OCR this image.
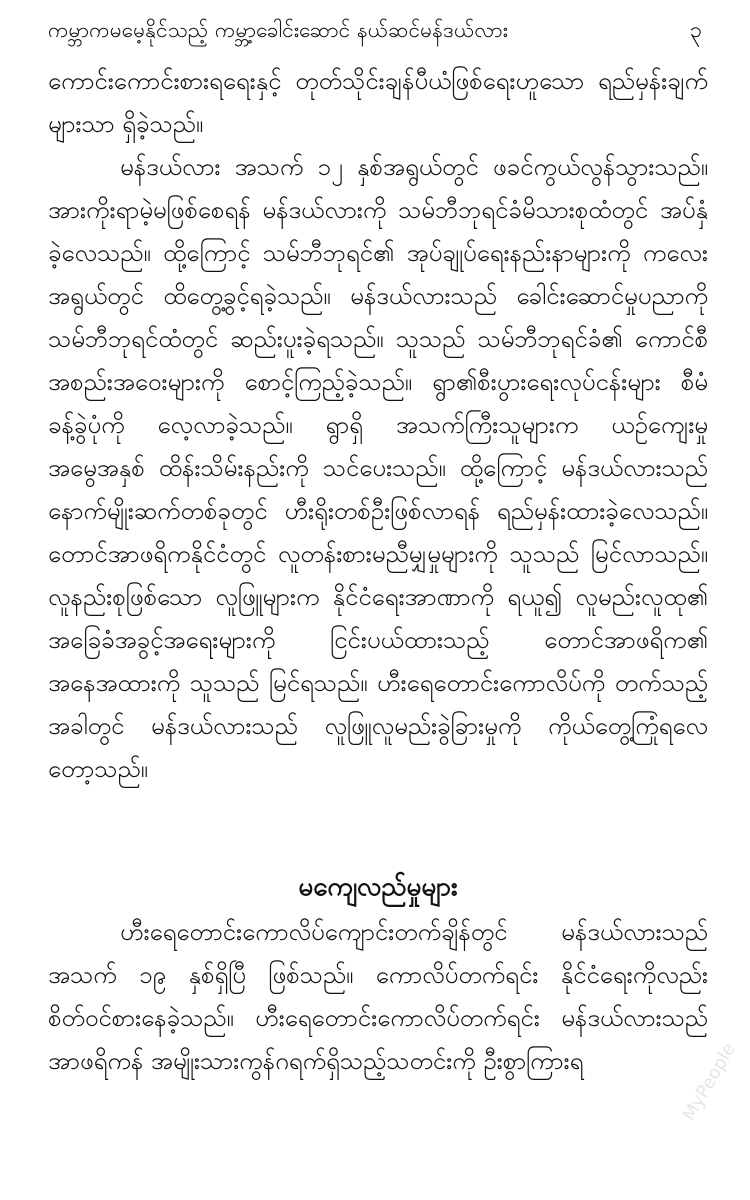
ကမ္ဘာကမမေ့နိုင်သည့် ကမ္ဘာ့ခေါင်းဆောင် နယ်ဆင်မန်ဒယ်လား	၃

ကောင်းကောင်းစားရရေးနှင့် တုတ်သိုင်းချန်ပီယံဖြစ်ရေးဟူသော ရည်မှန်းချက်များသာ ရှိခဲ့သည်။

မန်ဒယ်လား အသက် ၁၂ နှစ်အရွယ်တွင် ဖခင်ကွယ်လွန်သွားသည်။ အားကိုးရာမဲ့မဖြစ်စေရန် မန်ဒယ်လားကို သမ်ဘီဘုရင်ခံမိသားစုထံတွင် အပ်နှံခဲ့လေသည်။ ထို့ကြောင့် သမ်ဘီဘုရင်၏ အုပ်ချုပ်ရေးနည်းနာများကို ကလေးအရွယ်တွင် ထိတွေ့ခွင့်ရခဲ့သည်။ မန်ဒယ်လားသည် ခေါင်းဆောင်မှုပညာကို သမ်ဘီဘုရင်ထံတွင် ဆည်းပူးခဲ့ရသည်။ သူသည် သမ်ဘီဘုရင်ခံ၏ ကောင်စီ အစည်းအဝေးများကို စောင့်ကြည့်ခဲ့သည်။ ရွာ၏စီးပွားရေးလုပ်ငန်းများ စီမံခန့်ခွဲပုံကို လေ့လာခဲ့သည်။ ရွာရှိ အသက်ကြီးသူများက ယဉ်ကျေးမှု အမွေအနှစ် ထိန်းသိမ်းနည်းကို သင်ပေးသည်။ ထို့ကြောင့် မန်ဒယ်လားသည် နောက်မျိုးဆက်တစ်ခုတွင် ဟီးရိုးတစ်ဦးဖြစ်လာရန် ရည်မှန်းထားခဲ့လေသည်။ တောင်အာဖရိကနိုင်ငံတွင် လူတန်းစားမညီမျှမှုများကို သူသည် မြင်လာသည်။ လူနည်းစုဖြစ်သော လူဖြူများက နိုင်ငံရေးအာဏာကို ရယူ၍ လူမည်းလူထု၏ အခြေခံအခွင့်အရေးများကို ငြင်းပယ်ထားသည့် တောင်အာဖရိက၏ အနေအထားကို သူသည် မြင်ရသည်။ ဟီးရေတောင်းကောလိပ်ကို တက်သည့်အခါတွင် မန်ဒယ်လားသည် လူဖြူလူမည်းခွဲခြားမှုကို ကိုယ်တွေ့ကြုံရလေတော့သည်။

မကျေလည်မှုများ

ဟီးရေတောင်းကောလိပ်ကျောင်းတက်ချိန်တွင် မန်ဒယ်လားသည် အသက် ၁၉ နှစ်ရှိပြီ ဖြစ်သည်။ ကောလိပ်တက်ရင်း နိုင်ငံရေးကိုလည်း စိတ်ဝင်စားနေခဲ့သည်။ ဟီးရေတောင်းကောလိပ်တက်ရင်း မန်ဒယ်လားသည် အာဖရိကန် အမျိုးသားကွန်ဂရက်ရှိသည့်သတင်းကို ဦးစွာကြားရ	MyPeople
